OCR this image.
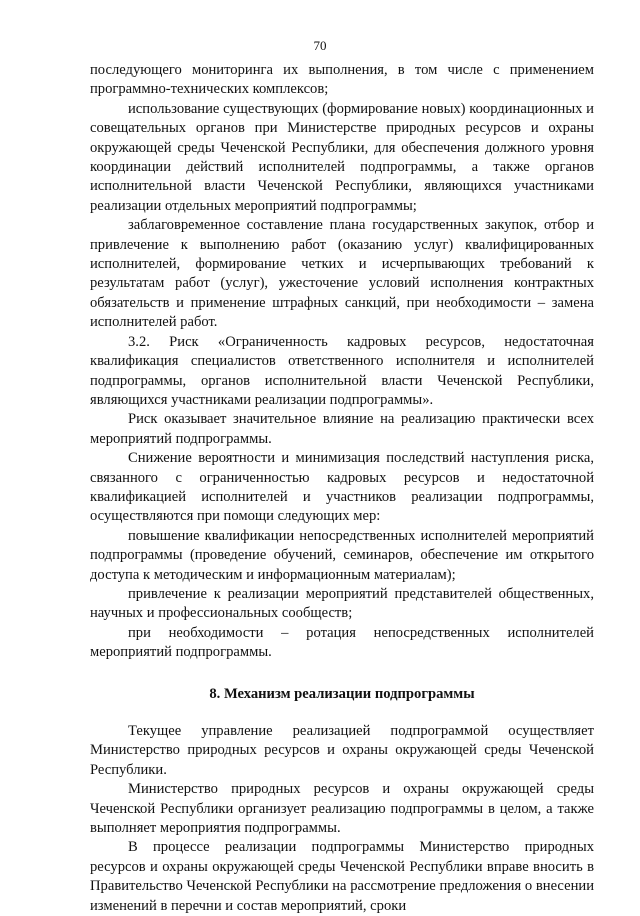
70

последующего мониторинга их выполнения, в том числе с применением программно-технических комплексов;

использование существующих (формирование новых) координационных и совещательных органов при Министерстве природных ресурсов и охраны окружающей среды Чеченской Республики, для обеспечения должного уровня координации действий исполнителей подпрограммы, а также органов исполнительной власти Чеченской Республики, являющихся участниками реализации отдельных мероприятий подпрограммы;

заблаговременное составление плана государственных закупок, отбор и привлечение к выполнению работ (оказанию услуг) квалифицированных исполнителей, формирование четких и исчерпывающих требований к результатам работ (услуг), ужесточение условий исполнения контрактных обязательств и применение штрафных санкций, при необходимости – замена исполнителей работ.

3.2. Риск «Ограниченность кадровых ресурсов, недостаточная квалификация специалистов ответственного исполнителя и исполнителей подпрограммы, органов исполнительной власти Чеченской Республики, являющихся участниками реализации подпрограммы».

Риск оказывает значительное влияние на реализацию практически всех мероприятий подпрограммы.

Снижение вероятности и минимизация последствий наступления риска, связанного с ограниченностью кадровых ресурсов и недостаточной квалификацией исполнителей и участников реализации подпрограммы, осуществляются при помощи следующих мер:

повышение квалификации непосредственных исполнителей мероприятий подпрограммы (проведение обучений, семинаров, обеспечение им открытого доступа к методическим и информационным материалам);

привлечение к реализации мероприятий представителей общественных, научных и профессиональных сообществ;

при необходимости – ротация непосредственных исполнителей мероприятий подпрограммы.

8. Механизм реализации подпрограммы

Текущее управление реализацией подпрограммой осуществляет Министерство природных ресурсов и охраны окружающей среды Чеченской Республики.

Министерство природных ресурсов и охраны окружающей среды Чеченской Республики организует реализацию подпрограммы в целом, а также выполняет мероприятия подпрограммы.

В процессе реализации подпрограммы Министерство природных ресурсов и охраны окружающей среды Чеченской Республики вправе вносить в Правительство Чеченской Республики на рассмотрение предложения о внесении изменений в перечни и состав мероприятий, сроки
